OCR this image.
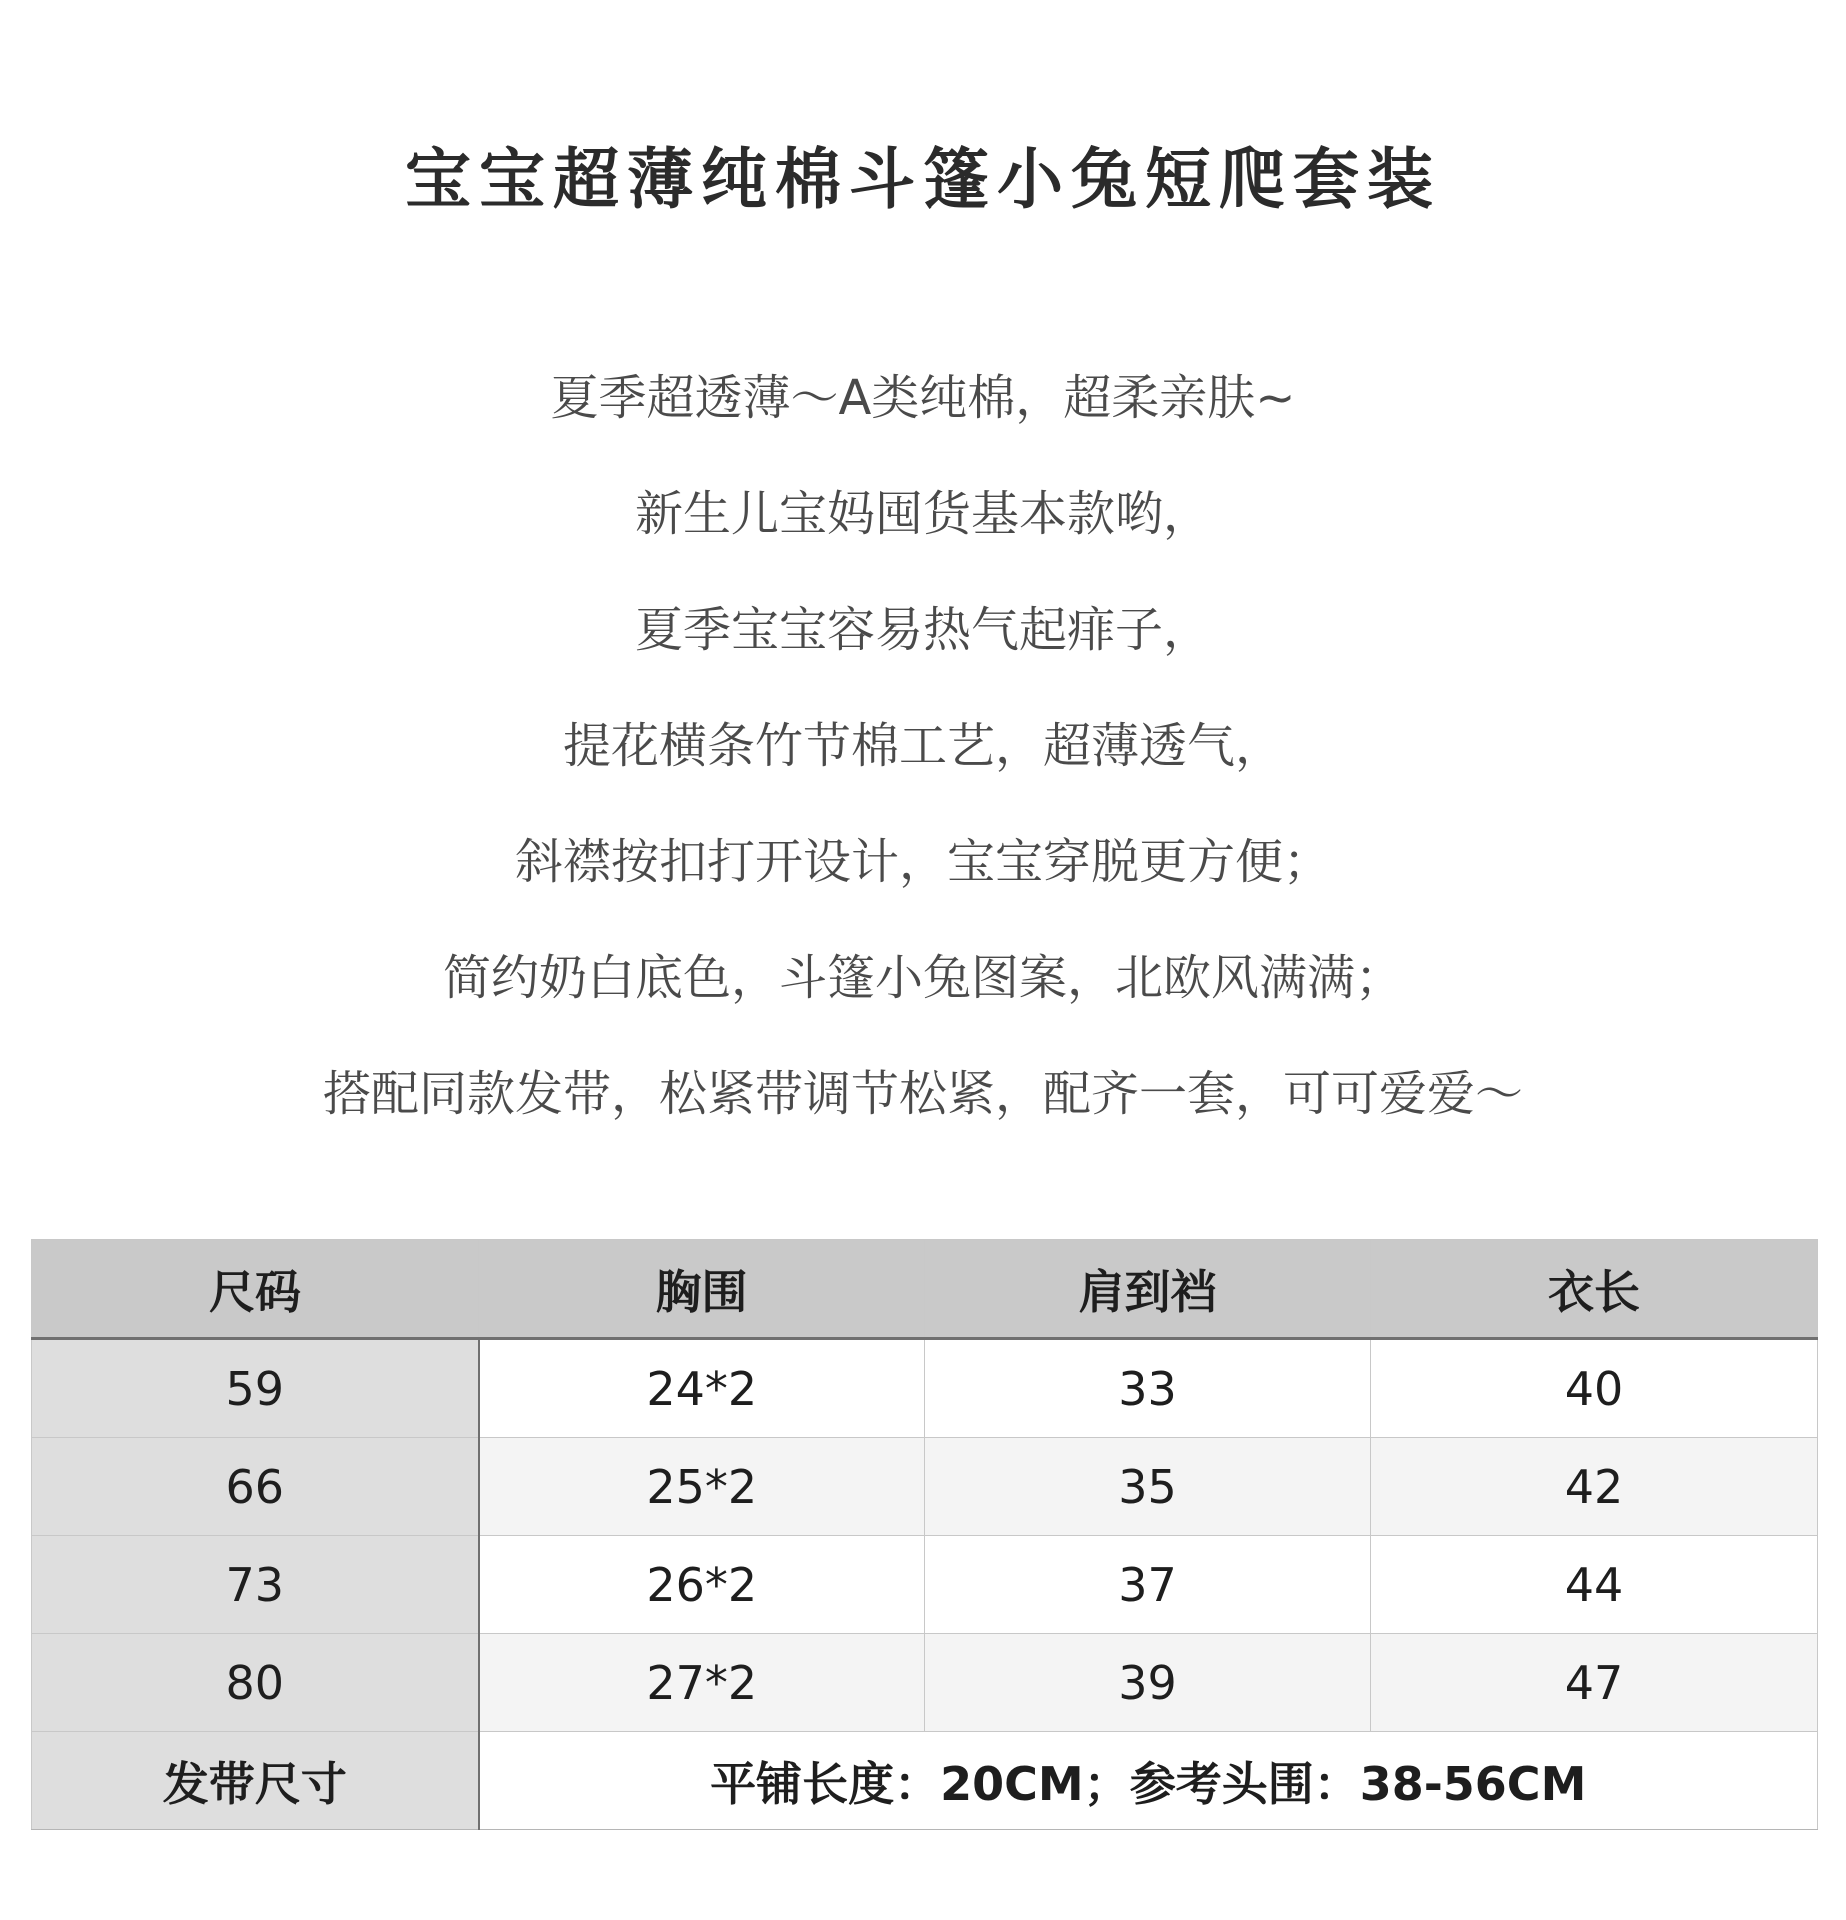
宝宝超薄纯棉斗篷小兔短爬套装
夏季超透薄～A类纯棉，超柔亲肤~
新生儿宝妈囤货基本款哟，
夏季宝宝容易热气起痱子，
提花横条竹节棉工艺，超薄透气，
斜襟按扣打开设计，宝宝穿脱更方便；
简约奶白底色，斗篷小兔图案，北欧风满满；
搭配同款发带，松紧带调节松紧，配齐一套，可可爱爱～
尺码	胸围	肩到裆	衣长
59	24*2	33	40
66	25*2	35	42
73	26*2	37	44
80	27*2	39	47
发带尺寸	平铺长度：20CM；参考头围：38-56CM		
